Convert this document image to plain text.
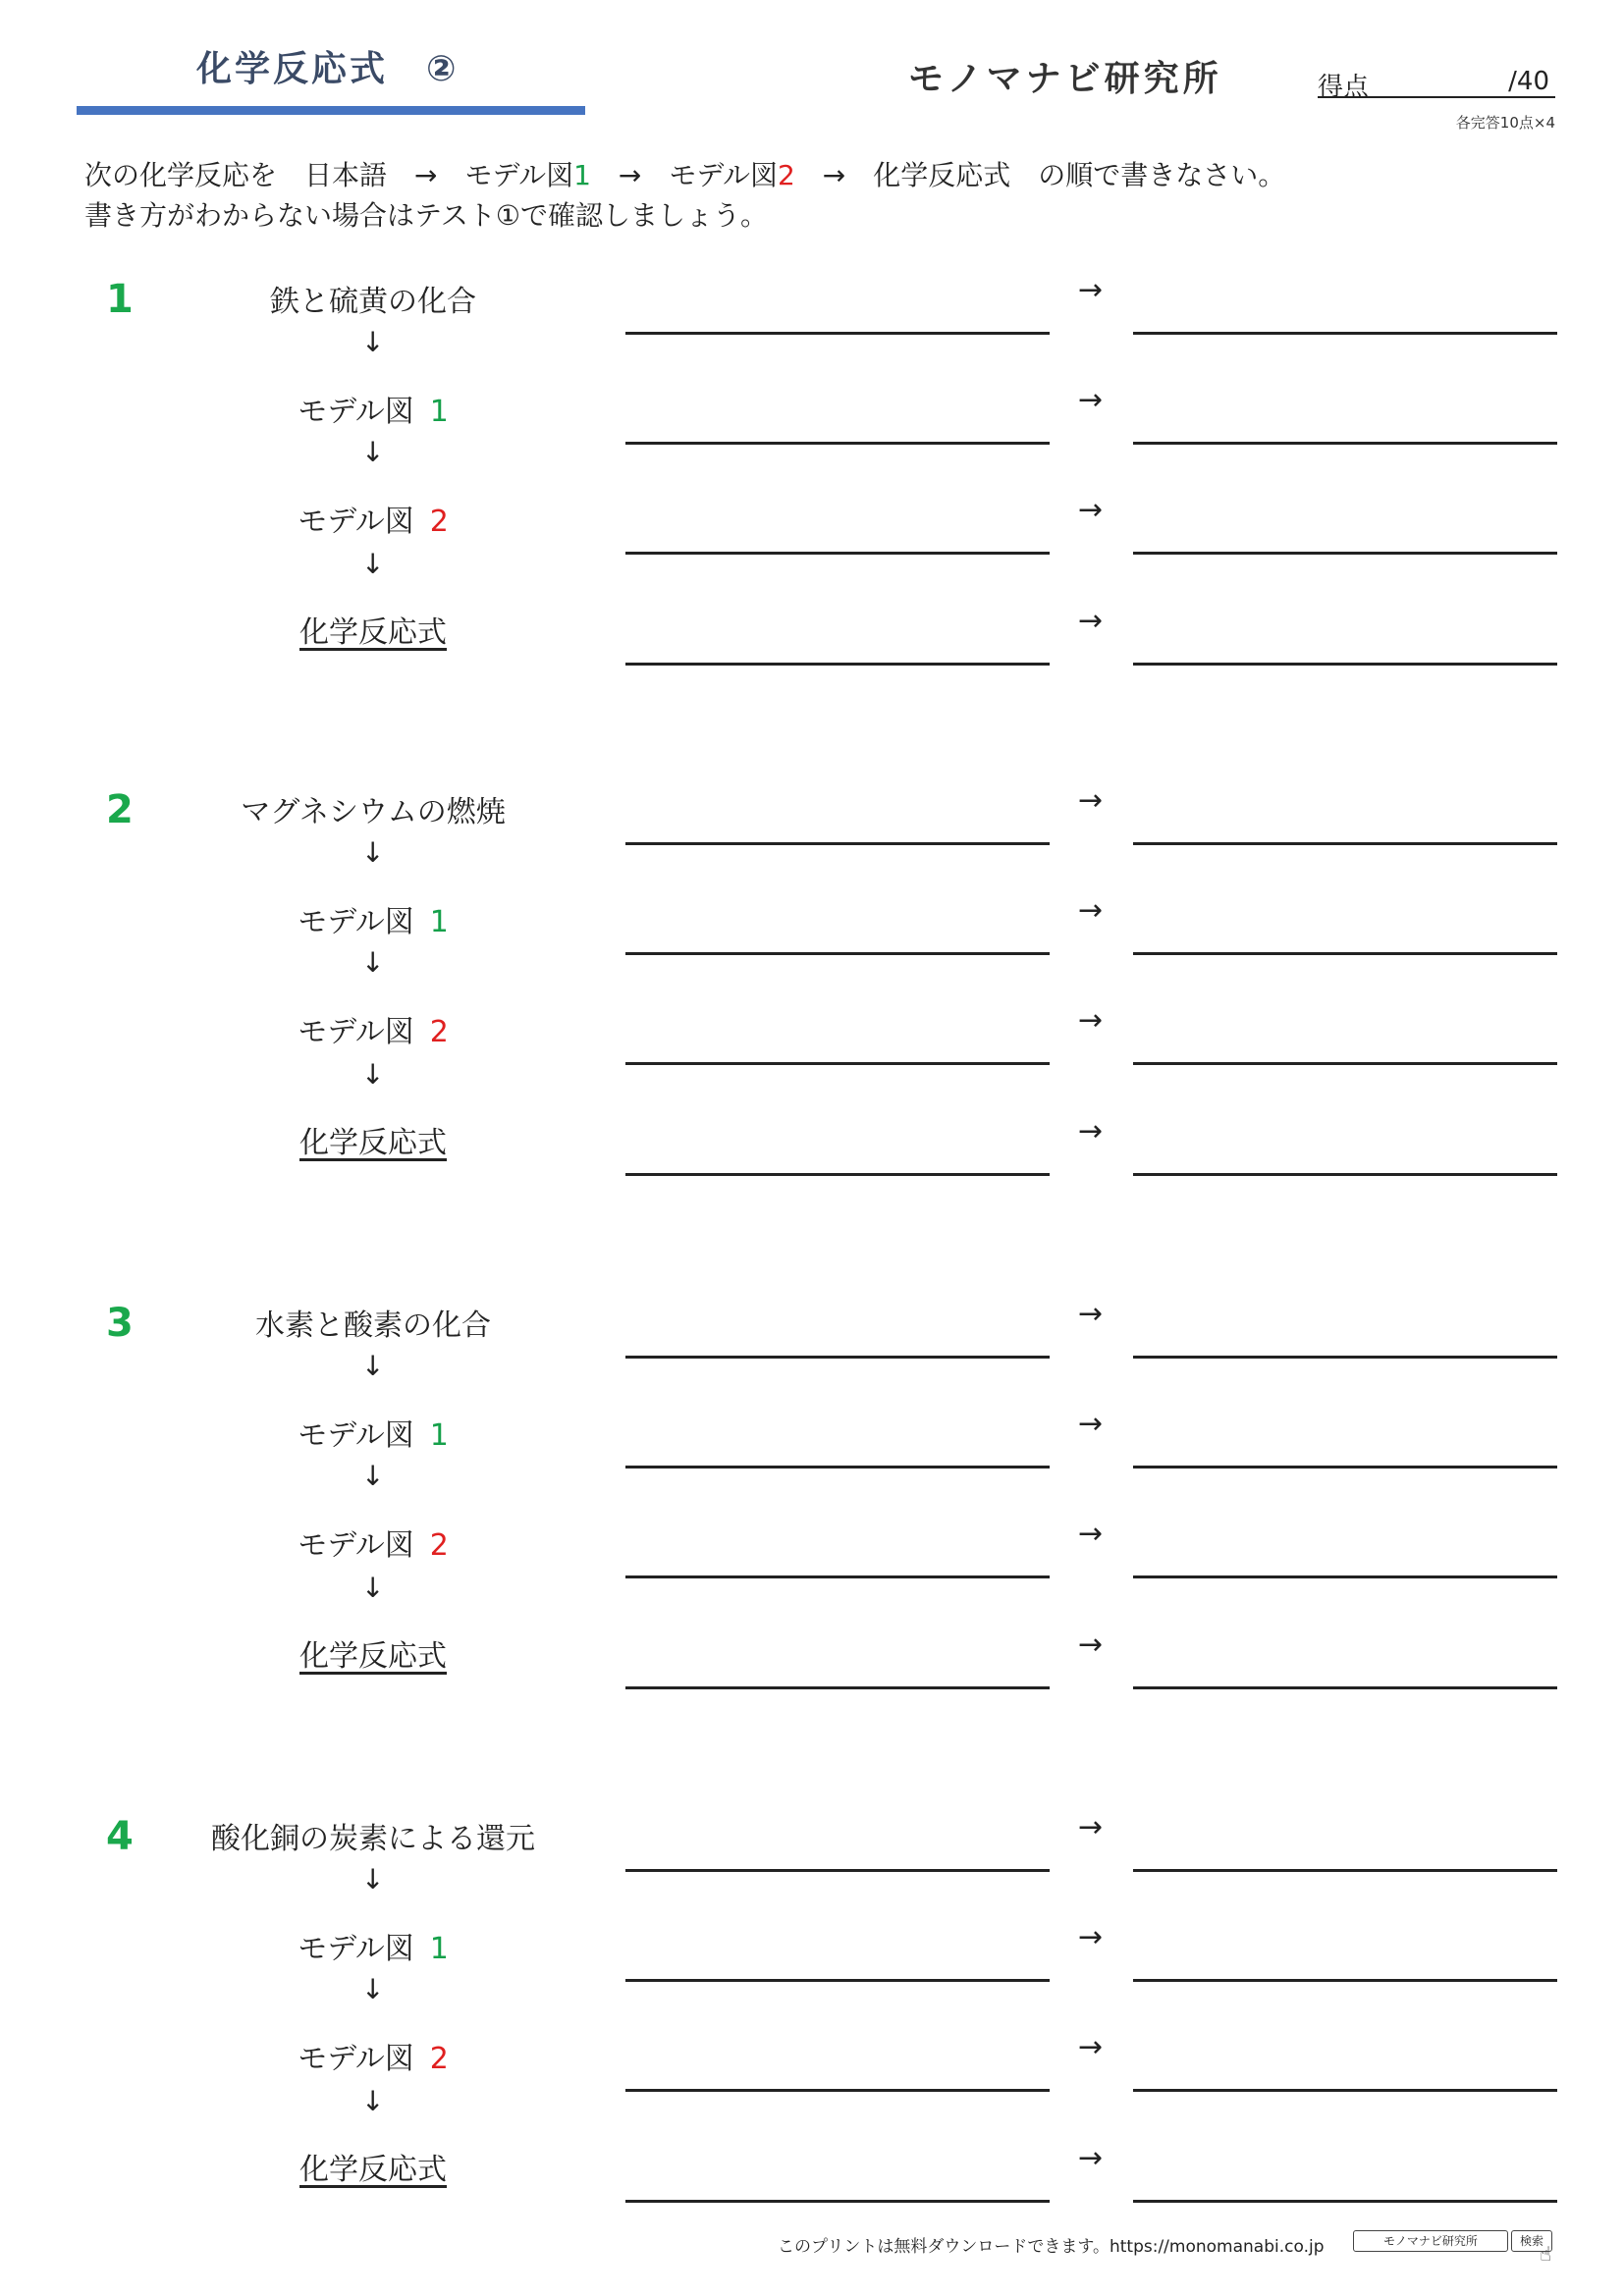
化学反応式　②	モノマナビ研究所	得点	/40
各完答10点×4
次の化学反応を　日本語　→　モデル図1　→　モデル図2　→　化学反応式　の順で書きなさい。
書き方がわからない場合はテスト①で確認しましょう。
1	鉄と硫黄の化合	→
モデル図 1	→
モデル図 2	→
化学反応式	→
↓
↓
↓
2	マグネシウムの燃焼	→
モデル図 1	→
モデル図 2	→
化学反応式	→
↓
↓
↓
3	水素と酸素の化合	→
モデル図 1	→
モデル図 2	→
化学反応式	→
↓
↓
↓
4	酸化銅の炭素による還元	→
モデル図 1	→
モデル図 2	→
化学反応式	→
↓
↓
↓
このプリントは無料ダウンロードできます。https://monomanabi.co.jp	モノマナビ研究所	検索
☝
